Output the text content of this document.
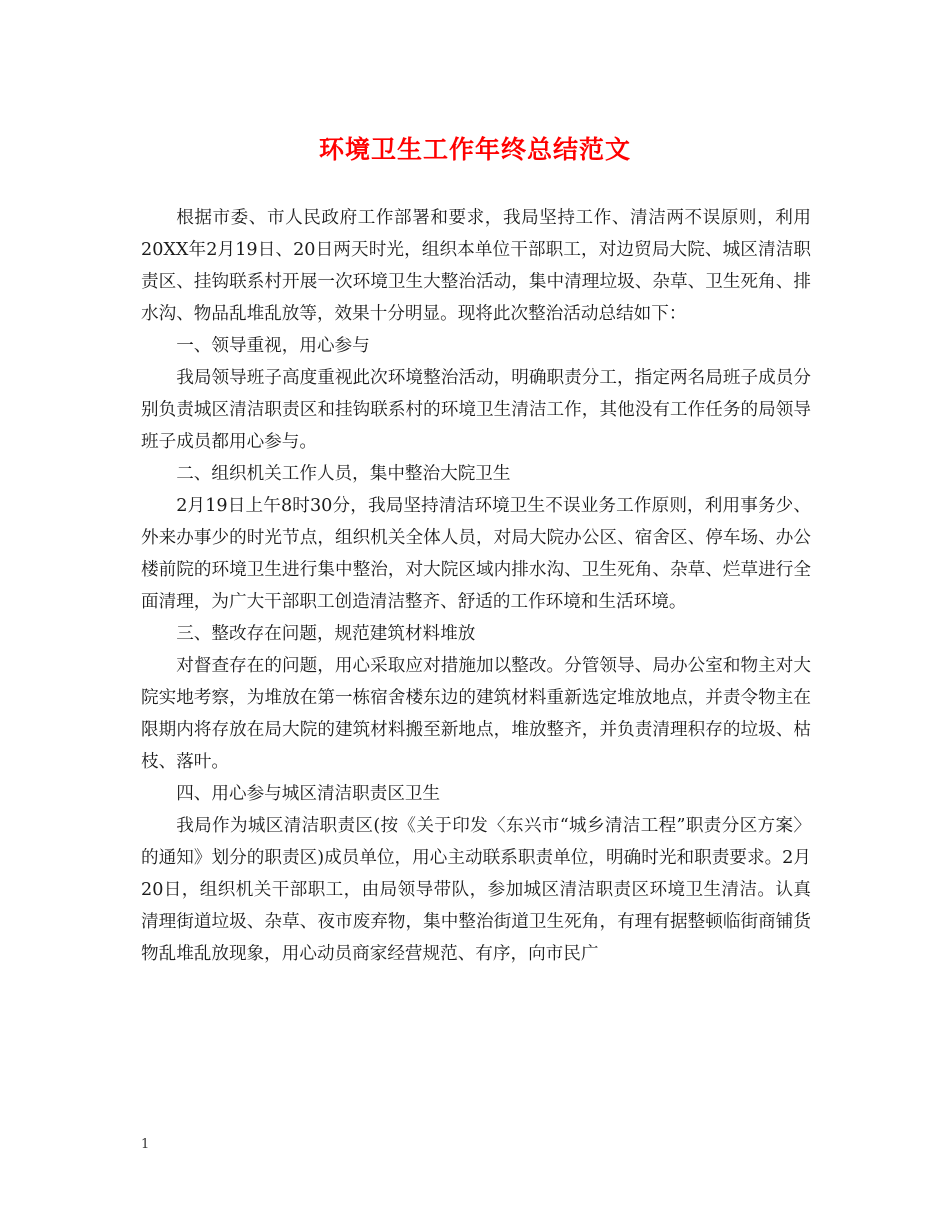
环境卫生工作年终总结范文

根据市委、市人民政府工作部署和要求，我局坚持工作、清洁两不误原则，利用20XX年2月19日、20日两天时光，组织本单位干部职工，对边贸局大院、城区清洁职责区、挂钩联系村开展一次环境卫生大整治活动，集中清理垃圾、杂草、卫生死角、排水沟、物品乱堆乱放等，效果十分明显。现将此次整治活动总结如下：

一、领导重视，用心参与

我局领导班子高度重视此次环境整治活动，明确职责分工，指定两名局班子成员分别负责城区清洁职责区和挂钩联系村的环境卫生清洁工作，其他没有工作任务的局领导班子成员都用心参与。

二、组织机关工作人员，集中整治大院卫生

2月19日上午8时30分，我局坚持清洁环境卫生不误业务工作原则，利用事务少、外来办事少的时光节点，组织机关全体人员，对局大院办公区、宿舍区、停车场、办公楼前院的环境卫生进行集中整治，对大院区域内排水沟、卫生死角、杂草、烂草进行全面清理，为广大干部职工创造清洁整齐、舒适的工作环境和生活环境。

三、整改存在问题，规范建筑材料堆放

对督查存在的问题，用心采取应对措施加以整改。分管领导、局办公室和物主对大院实地考察，为堆放在第一栋宿舍楼东边的建筑材料重新选定堆放地点，并责令物主在限期内将存放在局大院的建筑材料搬至新地点，堆放整齐，并负责清理积存的垃圾、枯枝、落叶。

四、用心参与城区清洁职责区卫生

我局作为城区清洁职责区(按《关于印发〈东兴市“城乡清洁工程”职责分区方案〉的通知》划分的职责区)成员单位，用心主动联系职责单位，明确时光和职责要求。2月20日，组织机关干部职工，由局领导带队，参加城区清洁职责区环境卫生清洁。认真清理街道垃圾、杂草、夜市废弃物，集中整治街道卫生死角，有理有据整顿临街商铺货物乱堆乱放现象，用心动员商家经营规范、有序，向市民广

1
